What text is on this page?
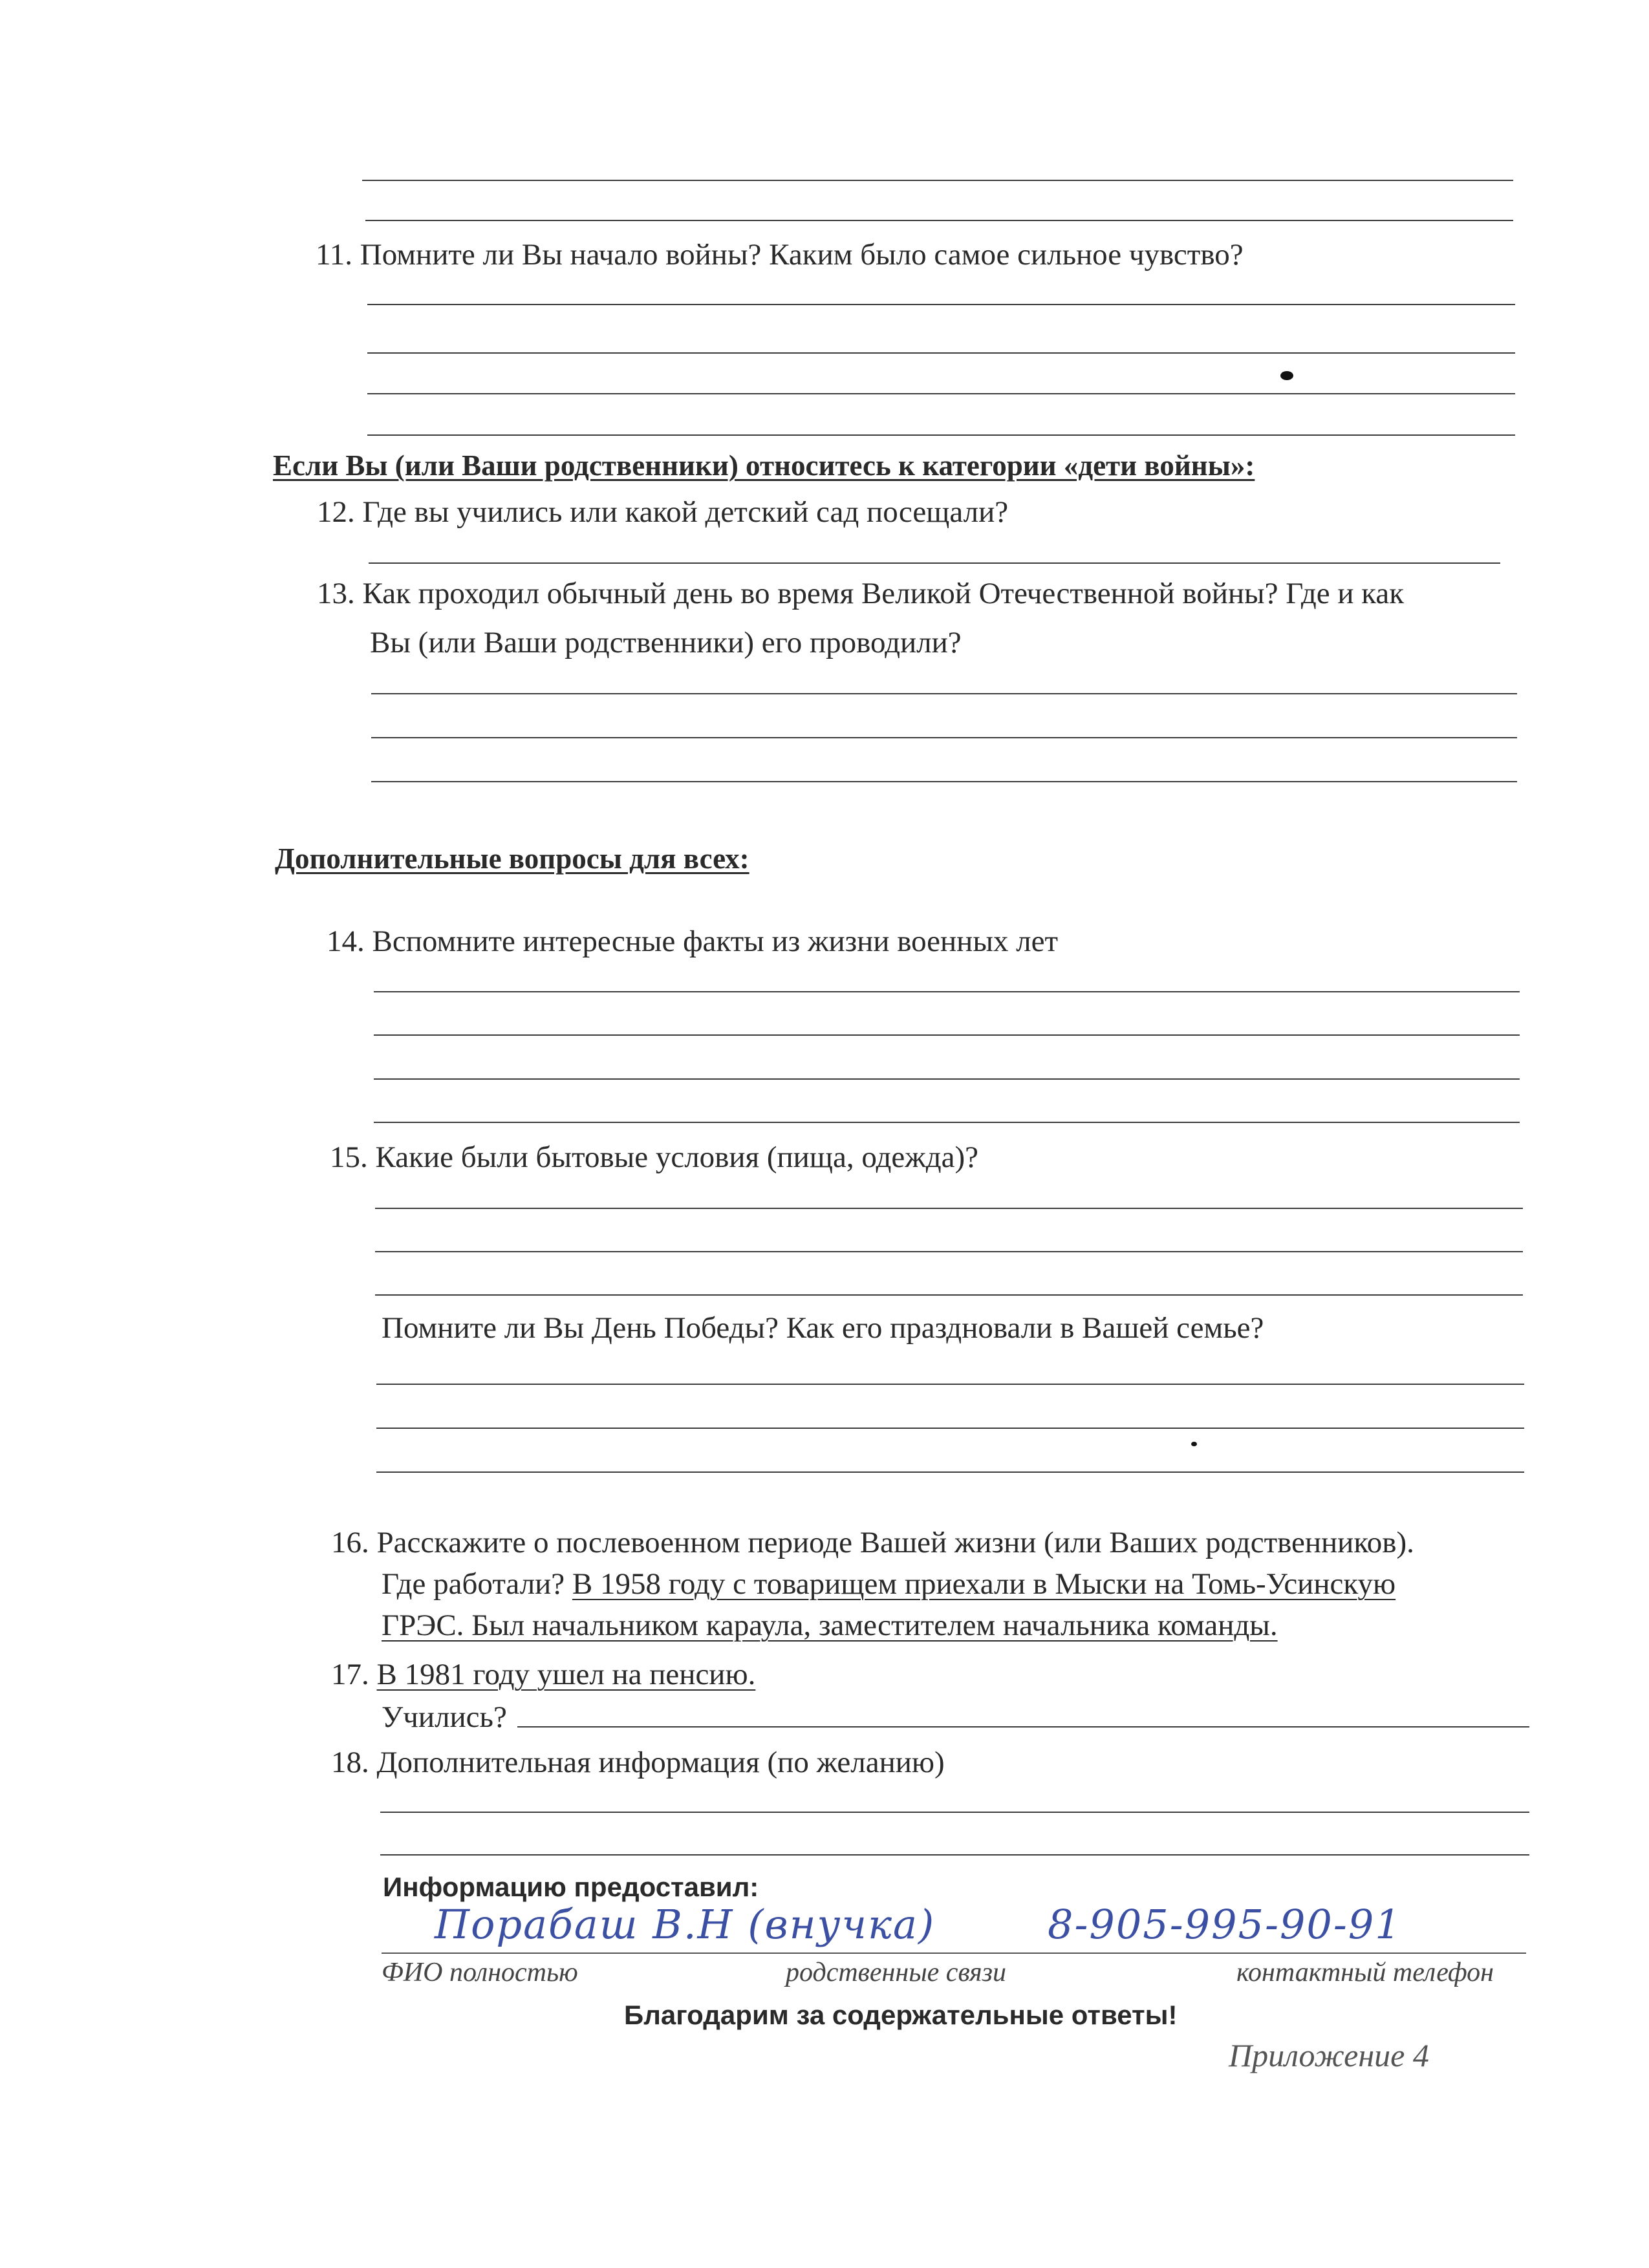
11. Помните ли Вы начало войны? Каким было самое сильное чувство?
Если Вы (или Ваши родственники) относитесь к категории «дети войны»:
12. Где вы учились или какой детский сад посещали?
13. Как проходил обычный день во время Великой Отечественной войны? Где и как
Вы (или Ваши родственники) его проводили?
Дополнительные вопросы для всех:
14. Вспомните интересные факты из жизни военных лет
15. Какие были бытовые условия (пища, одежда)?
Помните ли Вы День Победы? Как его праздновали в Вашей семье?
16. Расскажите о послевоенном периоде Вашей жизни (или Ваших родственников).
Где работали? В 1958 году с товарищем приехали в Мыски на Томь-Усинскую
ГРЭС. Был начальником караула, заместителем начальника команды.
17. В 1981 году ушел на пенсию.
Учились?
18. Дополнительная информация (по желанию)
Информацию предоставил:
Порабаш В.Н (внучка)	8-905-995-90-91
ФИО полностью	родственные связи	контактный телефон
Благодарим за содержательные ответы!
Приложение 4
